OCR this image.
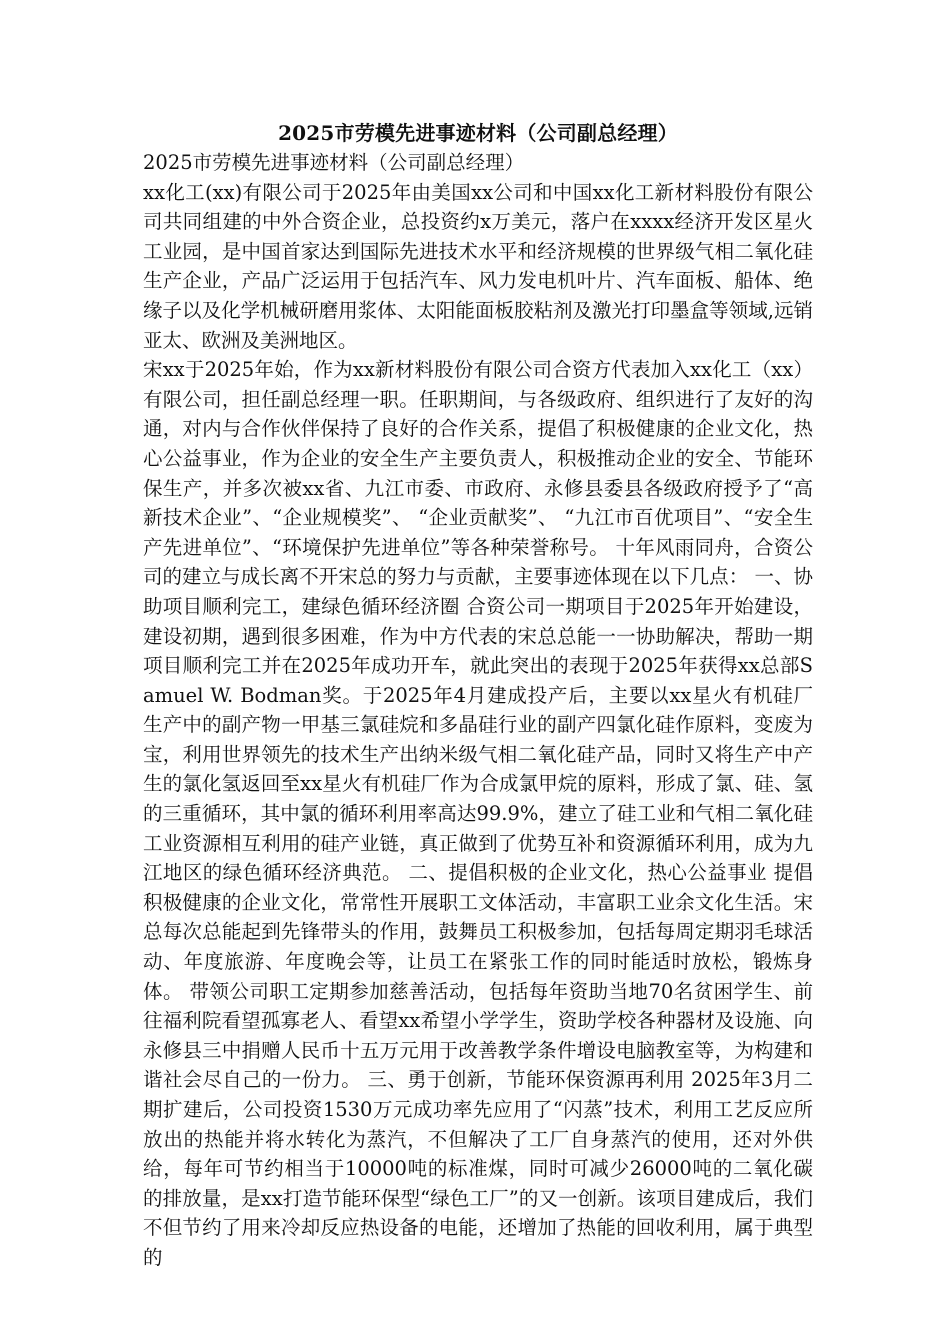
2025市劳模先进事迹材料（公司副总经理）

2025市劳模先进事迹材料（公司副总经理）

xx化工(xx)有限公司于2025年由美国xx公司和中国xx化工新材料股份有限公司共同组建的中外合资企业，总投资约x万美元，落户在xxxx经济开发区星火工业园，是中国首家达到国际先进技术水平和经济规模的世界级气相二氧化硅生产企业，产品广泛运用于包括汽车、风力发电机叶片、汽车面板、船体、绝缘子以及化学机械研磨用浆体、太阳能面板胶粘剂及激光打印墨盒等领域,远销亚太、欧洲及美洲地区。

宋xx于2025年始，作为xx新材料股份有限公司合资方代表加入xx化工（xx）有限公司，担任副总经理一职。任职期间，与各级政府、组织进行了友好的沟通，对内与合作伙伴保持了良好的合作关系，提倡了积极健康的企业文化，热心公益事业，作为企业的安全生产主要负责人，积极推动企业的安全、节能环保生产，并多次被xx省、九江市委、市政府、永修县委县各级政府授予了“高新技术企业”、“企业规模奖”、 “企业贡献奖”、 “九江市百优项目”、“安全生产先进单位”、“环境保护先进单位”等各种荣誉称号。 十年风雨同舟，合资公司的建立与成长离不开宋总的努力与贡献，主要事迹体现在以下几点： 一、协助项目顺利完工，建绿色循环经济圈 合资公司一期项目于2025年开始建设，建设初期，遇到很多困难，作为中方代表的宋总总能一一协助解决，帮助一期项目顺利完工并在2025年成功开车，就此突出的表现于2025年获得xx总部Samuel W. Bodman奖。于2025年4月建成投产后，主要以xx星火有机硅厂生产中的副产物一甲基三氯硅烷和多晶硅行业的副产四氯化硅作原料，变废为宝，利用世界领先的技术生产出纳米级气相二氧化硅产品，同时又将生产中产生的氯化氢返回至xx星火有机硅厂作为合成氯甲烷的原料，形成了氯、硅、氢的三重循环，其中氯的循环利用率高达99.9%，建立了硅工业和气相二氧化硅工业资源相互利用的硅产业链，真正做到了优势互补和资源循环利用，成为九江地区的绿色循环经济典范。 二、提倡积极的企业文化，热心公益事业 提倡积极健康的企业文化，常常性开展职工文体活动，丰富职工业余文化生活。宋总每次总能起到先锋带头的作用，鼓舞员工积极参加，包括每周定期羽毛球活动、年度旅游、年度晚会等，让员工在紧张工作的同时能适时放松，锻炼身体。 带领公司职工定期参加慈善活动，包括每年资助当地70名贫困学生、前往福利院看望孤寡老人、看望xx希望小学学生，资助学校各种器材及设施、向永修县三中捐赠人民币十五万元用于改善教学条件增设电脑教室等，为构建和谐社会尽自己的一份力。 三、勇于创新，节能环保资源再利用 2025年3月二期扩建后，公司投资1530万元成功率先应用了“闪蒸”技术，利用工艺反应所放出的热能并将水转化为蒸汽，不但解决了工厂自身蒸汽的使用，还对外供给，每年可节约相当于10000吨的标准煤，同时可减少26000吨的二氧化碳的排放量，是xx打造节能环保型“绿色工厂”的又一创新。该项目建成后，我们不但节约了用来冷却反应热设备的电能，还增加了热能的回收利用，属于典型的
